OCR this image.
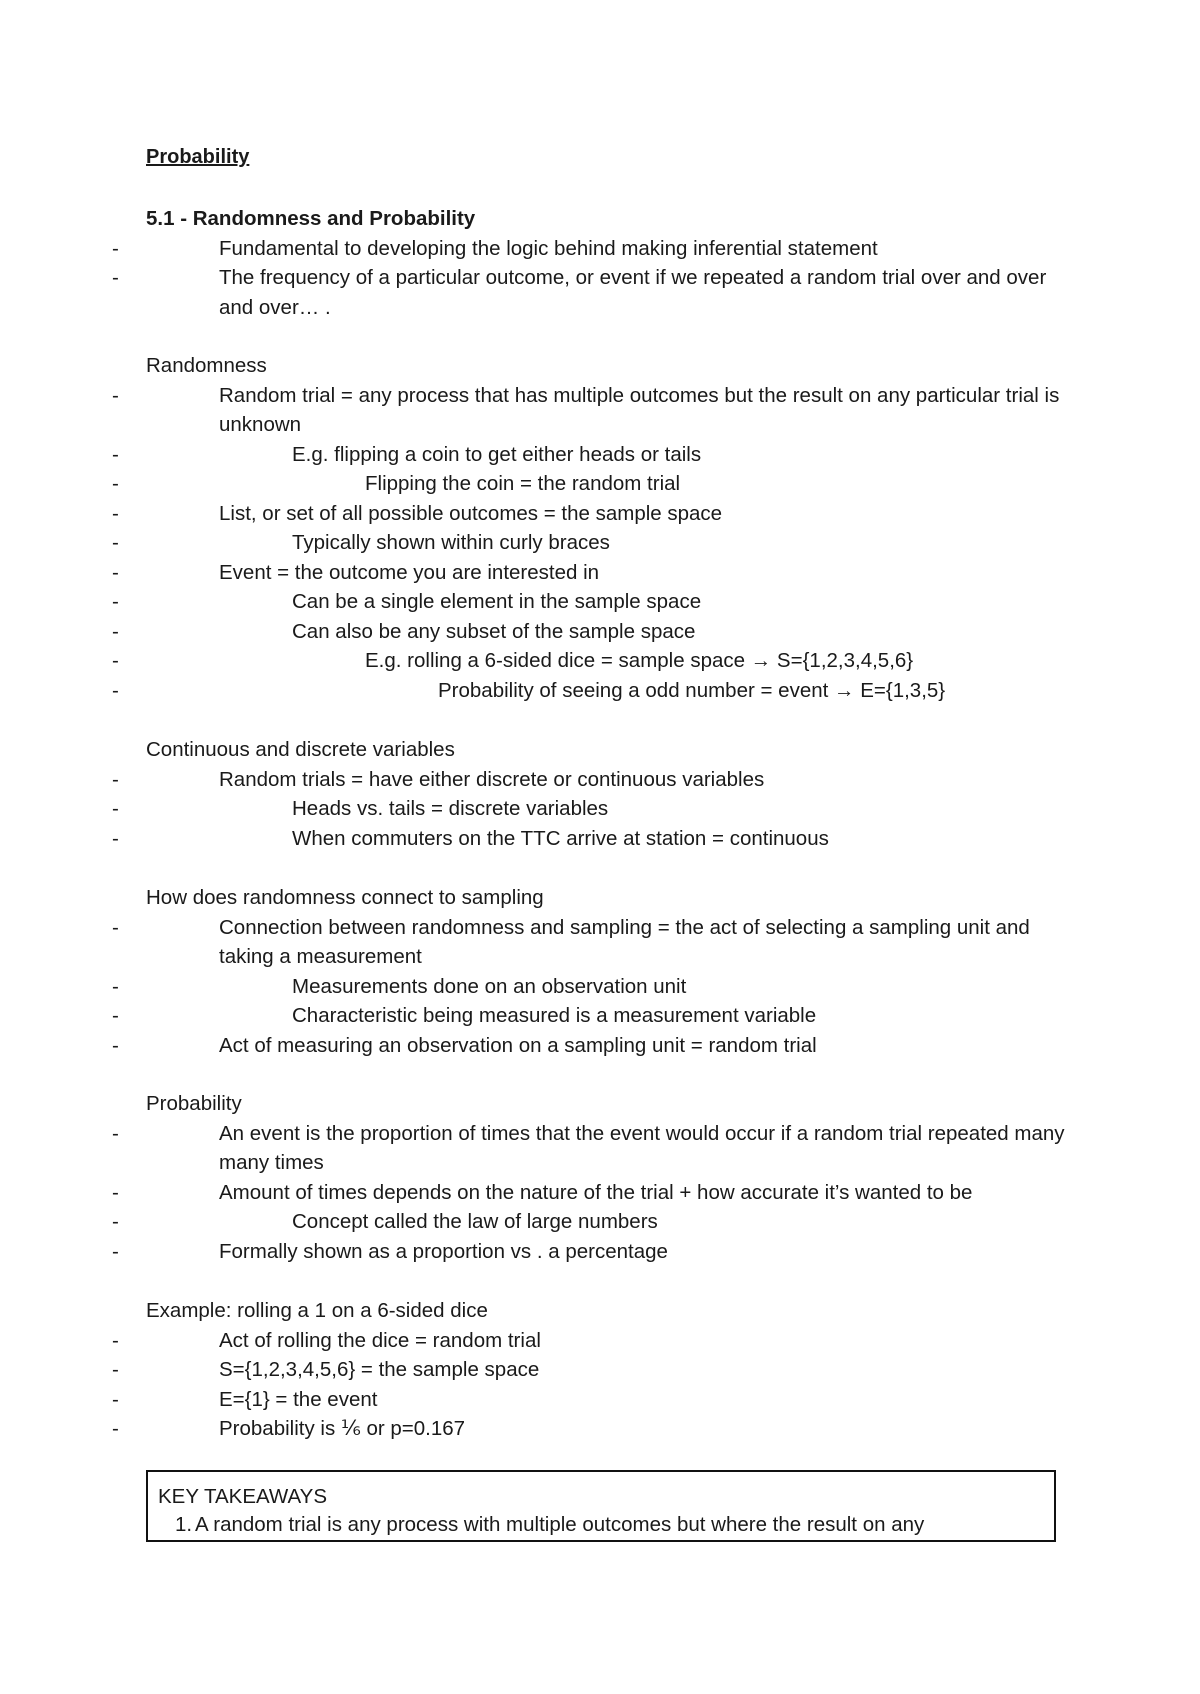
Probability

5.1 - Randomness and Probability

- Fundamental to developing the logic behind making inferential statement
- The frequency of a particular outcome, or event if we repeated a random trial over and over and over… .

Randomness

- Random trial = any process that has multiple outcomes but the result on any particular trial is unknown
- E.g. flipping a coin to get either heads or tails
- Flipping the coin = the random trial
- List, or set of all possible outcomes = the sample space
- Typically shown within curly braces
- Event = the outcome you are interested in
- Can be a single element in the sample space
- Can also be any subset of the sample space
- E.g. rolling a 6-sided dice = sample space → S={1,2,3,4,5,6}
- Probability of seeing a odd number = event → E={1,3,5}

Continuous and discrete variables

- Random trials = have either discrete or continuous variables
- Heads vs. tails = discrete variables
- When commuters on the TTC arrive at station = continuous

How does randomness connect to sampling

- Connection between randomness and sampling = the act of selecting a sampling unit and taking a measurement
- Measurements done on an observation unit
- Characteristic being measured is a measurement variable
- Act of measuring an observation on a sampling unit = random trial

Probability

- An event is the proportion of times that the event would occur if a random trial repeated many many times
- Amount of times depends on the nature of the trial + how accurate it’s wanted to be
- Concept called the law of large numbers
- Formally shown as a proportion vs . a percentage

Example: rolling a 1 on a 6-sided dice

- Act of rolling the dice = random trial
- S={1,2,3,4,5,6} = the sample space
- E={1} = the event
- Probability is ⅙ or p=0.167
KEY TAKEAWAYS
1. A random trial is any process with multiple outcomes but where the result on any
